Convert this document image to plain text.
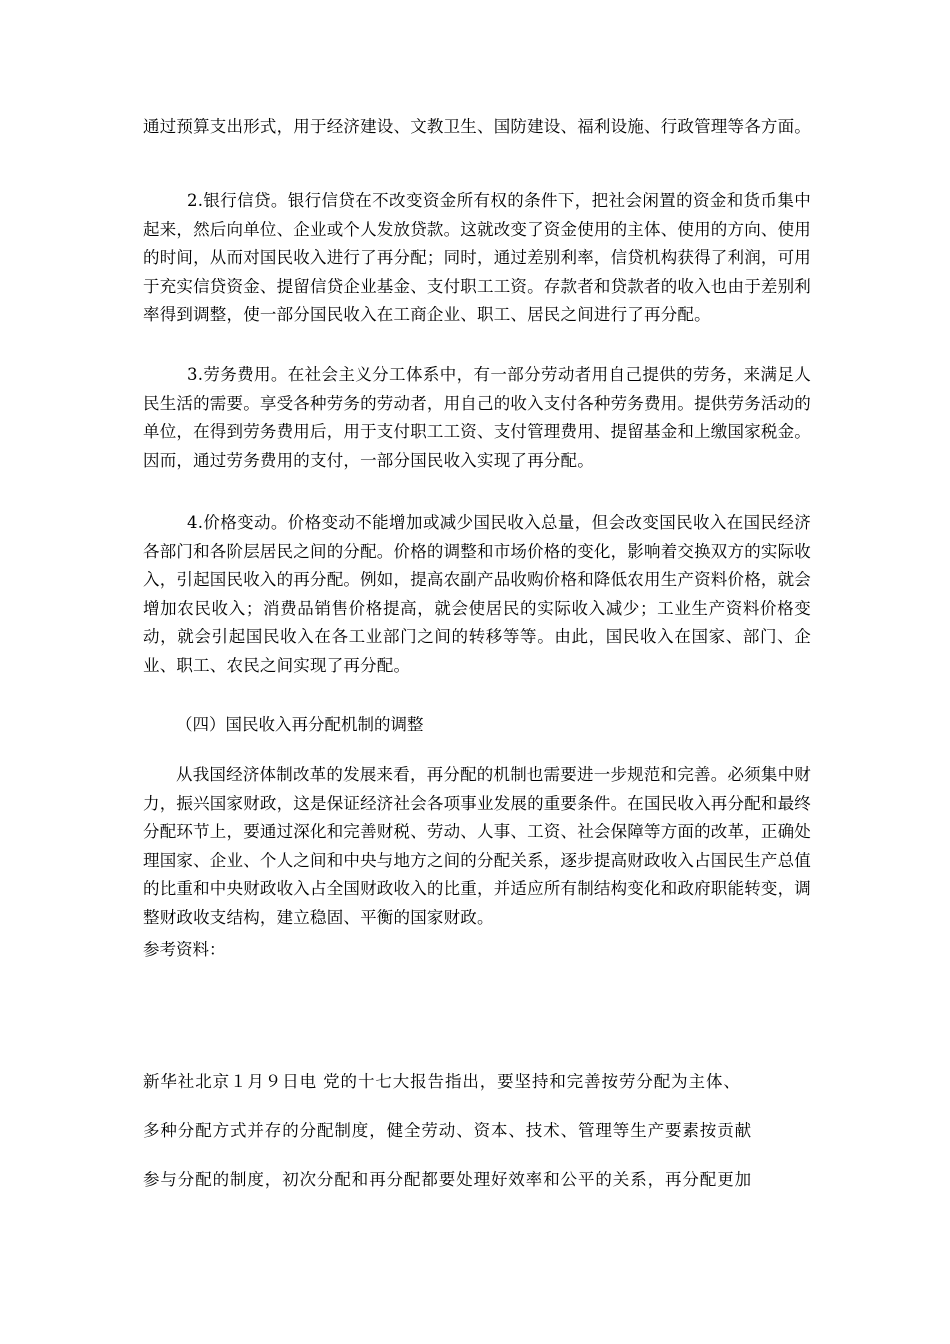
通过预算支出形式，用于经济建设、文教卫生、国防建设、福利设施、行政管理等各方面。

2.银行信贷。银行信贷在不改变资金所有权的条件下，把社会闲置的资金和货币集中起来，然后向单位、企业或个人发放贷款。这就改变了资金使用的主体、使用的方向、使用的时间，从而对国民收入进行了再分配；同时，通过差别利率，信贷机构获得了利润，可用于充实信贷资金、提留信贷企业基金、支付职工工资。存款者和贷款者的收入也由于差别利率得到调整，使一部分国民收入在工商企业、职工、居民之间进行了再分配。

3.劳务费用。在社会主义分工体系中，有一部分劳动者用自己提供的劳务，来满足人民生活的需要。享受各种劳务的劳动者，用自己的收入支付各种劳务费用。提供劳务活动的单位，在得到劳务费用后，用于支付职工工资、支付管理费用、提留基金和上缴国家税金。因而，通过劳务费用的支付，一部分国民收入实现了再分配。

4.价格变动。价格变动不能增加或减少国民收入总量，但会改变国民收入在国民经济各部门和各阶层居民之间的分配。价格的调整和市场价格的变化，影响着交换双方的实际收入，引起国民收入的再分配。例如，提高农副产品收购价格和降低农用生产资料价格，就会增加农民收入；消费品销售价格提高，就会使居民的实际收入减少；工业生产资料价格变动，就会引起国民收入在各工业部门之间的转移等等。由此，国民收入在国家、部门、企业、职工、农民之间实现了再分配。

（四）国民收入再分配机制的调整

从我国经济体制改革的发展来看，再分配的机制也需要进一步规范和完善。必须集中财力，振兴国家财政，这是保证经济社会各项事业发展的重要条件。在国民收入再分配和最终分配环节上，要通过深化和完善财税、劳动、人事、工资、社会保障等方面的改革，正确处理国家、企业、个人之间和中央与地方之间的分配关系，逐步提高财政收入占国民生产总值的比重和中央财政收入占全国财政收入的比重，并适应所有制结构变化和政府职能转变，调整财政收支结构，建立稳固、平衡的国家财政。

参考资料：

新华社北京１月９日电 党的十七大报告指出，要坚持和完善按劳分配为主体、

多种分配方式并存的分配制度，健全劳动、资本、技术、管理等生产要素按贡献

参与分配的制度，初次分配和再分配都要处理好效率和公平的关系，再分配更加
